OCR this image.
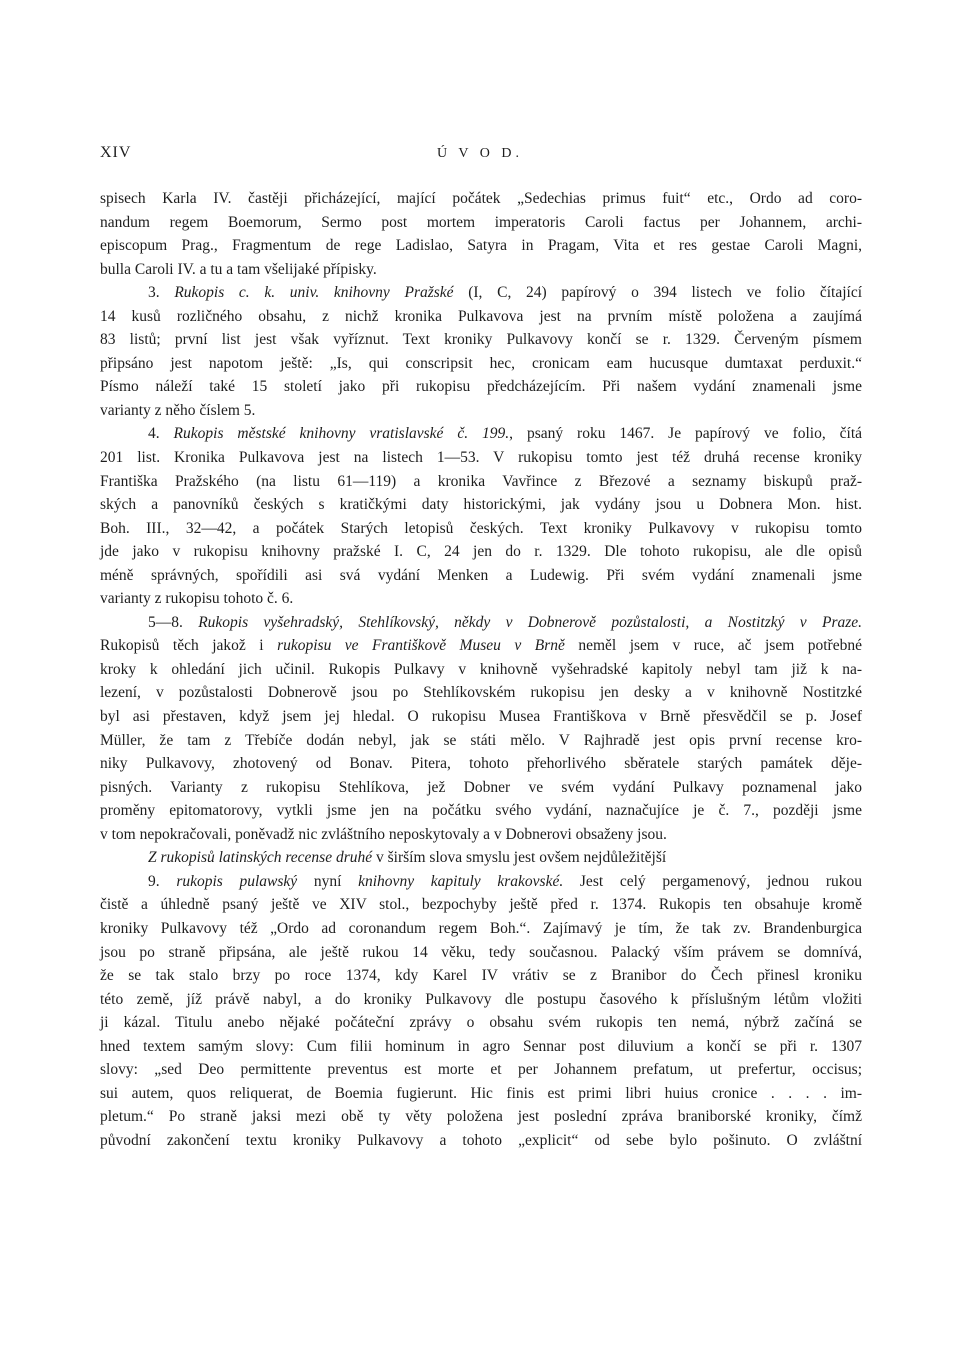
XIV	Ú V O D.
spisech Karla IV. častěji přicházející, mající počátek „Sedechias primus fuit“ etc., Ordo ad coro-
nandum regem Boemorum, Sermo post mortem imperatoris Caroli factus per Johannem, archi-
episcopum Prag., Fragmentum de rege Ladislao, Satyra in Pragam, Vita et res gestae Caroli Magni,
bulla Caroli IV. a tu a tam všelijaké přípisky.
3. Rukopis c. k. univ. knihovny Pražské (I, C, 24) papírový o 394 listech ve folio čítající
14 kusů rozličného obsahu, z nichž kronika Pulkavova jest na prvním místě položena a zaujímá
83 listů; první list jest však vyříznut. Text kroniky Pulkavovy končí se r. 1329. Červeným písmem
připsáno jest napotom ještě: „Is, qui conscripsit hec, cronicam eam hucusque dumtaxat perduxit.“
Písmo náleží také 15 století jako při rukopisu předcházejícím. Při našem vydání znamenali jsme
varianty z něho číslem 5.
4. Rukopis městské knihovny vratislavské č. 199., psaný roku 1467. Je papírový ve folio, čítá
201 list. Kronika Pulkavova jest na listech 1—53. V rukopisu tomto jest též druhá recense kroniky
Františka Pražského (na listu 61—119) a kronika Vavřince z Březové a seznamy biskupů praž-
ských a panovníků českých s kratičkými daty historickými, jak vydány jsou u Dobnera Mon. hist.
Boh. III., 32—42, a počátek Starých letopisů českých. Text kroniky Pulkavovy v rukopisu tomto
jde jako v rukopisu knihovny pražské I. C, 24 jen do r. 1329. Dle tohoto rukopisu, ale dle opisů
méně správných, spořídili asi svá vydání Menken a Ludewig. Při svém vydání znamenali jsme
varianty z rukopisu tohoto č. 6.
5—8. Rukopis vyšehradský, Stehlíkovský, někdy v Dobnerově pozůstalosti, a Nostitzký v Praze.
Rukopisů těch jakož i rukopisu ve Františkově Museu v Brně neměl jsem v ruce, ač jsem potřebné
kroky k ohledání jich učinil. Rukopis Pulkavy v knihovně vyšehradské kapitoly nebyl tam již k na-
lezení, v pozůstalosti Dobnerově jsou po Stehlíkovském rukopisu jen desky a v knihovně Nostitzké
byl asi přestaven, když jsem jej hledal. O rukopisu Musea Františkova v Brně přesvědčil se p. Josef
Müller, že tam z Třebíče dodán nebyl, jak se státi mělo. V Rajhradě jest opis první recense kro-
niky Pulkavovy, zhotovený od Bonav. Pitera, tohoto přehorlivého sběratele starých památek děje-
pisných. Varianty z rukopisu Stehlíkova, jež Dobner ve svém vydání Pulkavy poznamenal jako
proměny epitomatorovy, vytkli jsme jen na počátku svého vydání, naznačujíce je č. 7., později jsme
v tom nepokračovali, poněvadž nic zvláštního neposkytovaly a v Dobnerovi obsaženy jsou.
Z rukopisů latinských recense druhé v širším slova smyslu jest ovšem nejdůležitější
9. rukopis pulawský nyní knihovny kapituly krakovské. Jest celý pergamenový, jednou rukou
čistě a úhledně psaný ještě ve XIV stol., bezpochyby ještě před r. 1374. Rukopis ten obsahuje kromě
kroniky Pulkavovy též „Ordo ad coronandum regem Boh.“. Zajímavý je tím, že tak zv. Brandenburgica
jsou po straně připsána, ale ještě rukou 14 věku, tedy současnou. Palacký vším právem se domnívá,
že se tak stalo brzy po roce 1374, kdy Karel IV vrátiv se z Branibor do Čech přinesl kroniku
této země, jíž právě nabyl, a do kroniky Pulkavovy dle postupu časového k příslušným létům vložiti
ji kázal. Titulu anebo nějaké počáteční zprávy o obsahu svém rukopis ten nemá, nýbrž začíná se
hned textem samým slovy: Cum filii hominum in agro Sennar post diluvium a končí se při r. 1307
slovy: „sed Deo permittente preventus est morte et per Johannem prefatum, ut prefertur, occisus;
sui autem, quos reliquerat, de Boemia fugierunt. Hic finis est primi libri huius cronice . . . . im-
pletum.“ Po straně jaksi mezi obě ty věty položena jest poslední zpráva braniborské kroniky, čímž
původní zakončení textu kroniky Pulkavovy a tohoto „explicit“ od sebe bylo pošinuto. O zvláštní
